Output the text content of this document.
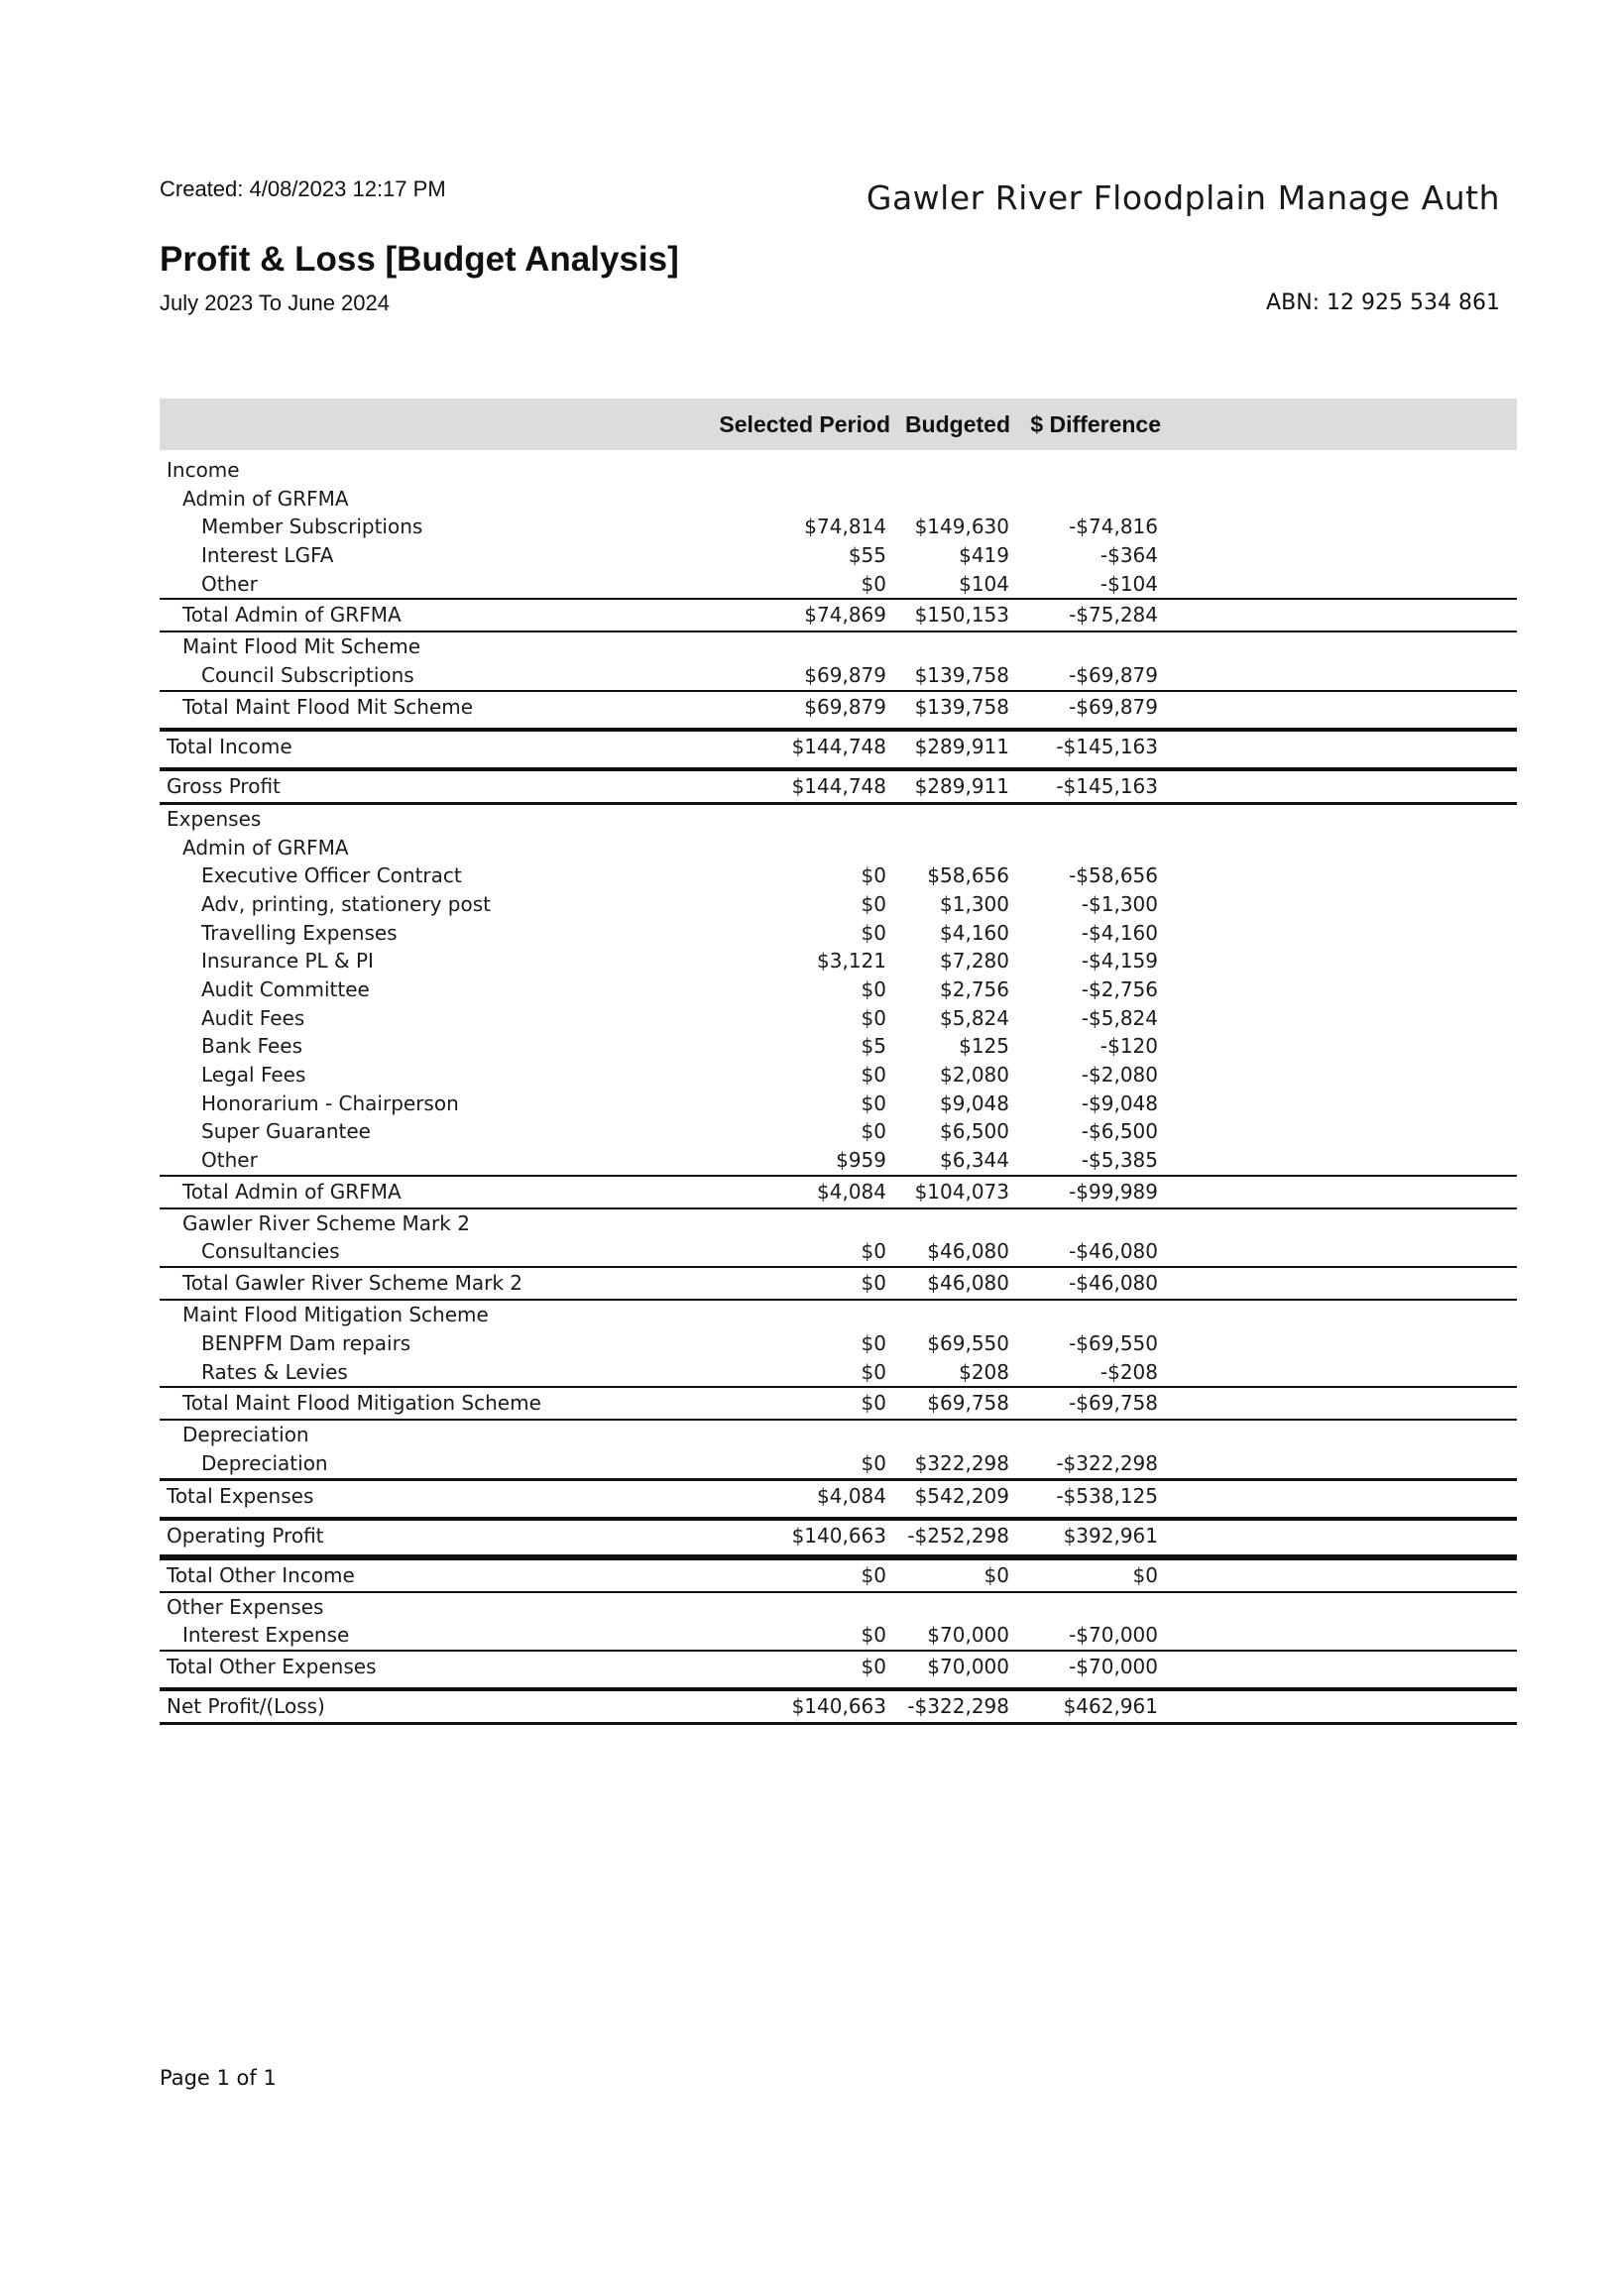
Created: 4/08/2023 12:17 PM	Gawler River Floodplain Manage Auth
Profit & Loss [Budget Analysis]
July 2023 To June 2024	ABN: 12 925 534 861
Selected Period Budgeted $ Difference
Income
Admin of GRFMA
Member Subscriptions	$74,814 $149,630	-$74,816
Interest LGFA	$55	$419	-$364
Other	$0	$104	-$104
Total Admin of GRFMA	$74,869 $150,153	-$75,284
Maint Flood Mit Scheme
Council Subscriptions	$69,879 $139,758	-$69,879
Total Maint Flood Mit Scheme	$69,879 $139,758	-$69,879
Total Income	$144,748 $289,911 -$145,163
Gross Profit	$144,748 $289,911 -$145,163
Expenses
Admin of GRFMA
Executive Officer Contract	$0 $58,656	-$58,656
Adv, printing, stationery post	$0	$1,300	-$1,300
Travelling Expenses	$0	$4,160	-$4,160
Insurance PL & PI	$3,121	$7,280	-$4,159
Audit Committee	$0	$2,756	-$2,756
Audit Fees	$0	$5,824	-$5,824
Bank Fees	$5	$125	-$120
Legal Fees	$0	$2,080	-$2,080
Honorarium - Chairperson	$0	$9,048	-$9,048
Super Guarantee	$0	$6,500	-$6,500
Other	$959	$6,344	-$5,385
Total Admin of GRFMA	$4,084 $104,073	-$99,989
Gawler River Scheme Mark 2
Consultancies	$0 $46,080	-$46,080
Total Gawler River Scheme Mark 2	$0 $46,080	-$46,080
Maint Flood Mitigation Scheme
BENPFM Dam repairs	$0 $69,550	-$69,550
Rates & Levies	$0	$208	-$208
Total Maint Flood Mitigation Scheme	$0 $69,758	-$69,758
Depreciation
Depreciation	$0 $322,298 -$322,298
Total Expenses	$4,084 $542,209 -$538,125
Operating Profit	$140,663 -$252,298	$392,961
Total Other Income	$0	$0	$0
Other Expenses
Interest Expense	$0 $70,000	-$70,000
Total Other Expenses	$0 $70,000	-$70,000
Net Profit/(Loss)	$140,663 -$322,298	$462,961
Page 1 of 1
